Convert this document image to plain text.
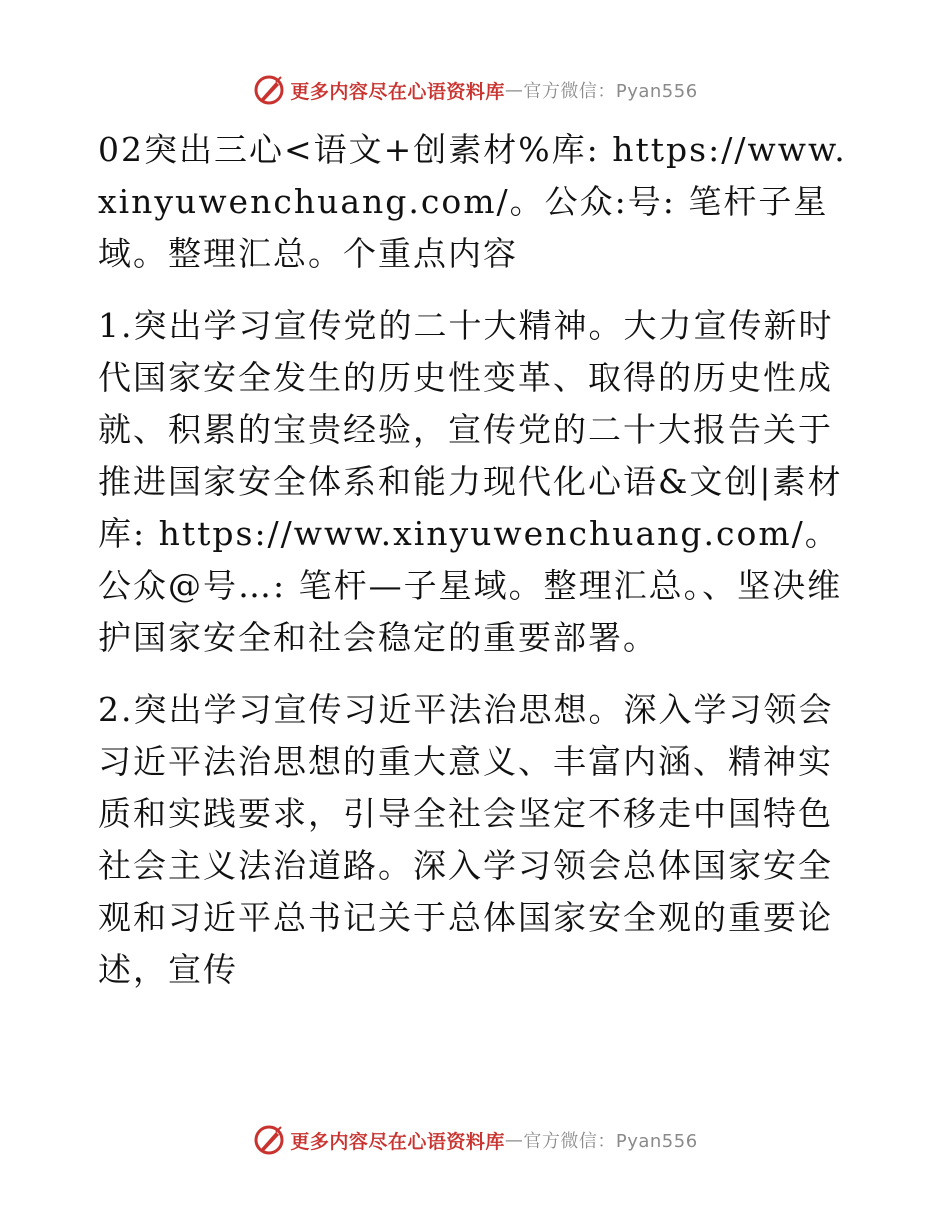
更多内容尽在心语资料库 — 官方微信：Pyan556

02突出三心<语文+创素材%库: https://www.xinyuwenchuang.com/。公众:号: 笔杆子星域。整理汇总。个重点内容

1.突出学习宣传党的二十大精神。大力宣传新时代国家安全发生的历史性变革、取得的历史性成就、积累的宝贵经验，宣传党的二十大报告关于推进国家安全体系和能力现代化心语&文创|素材库: https://www.xinyuwenchuang.com/。公众@号…: 笔杆—子星域。整理汇总。、坚决维护国家安全和社会稳定的重要部署。

2.突出学习宣传习近平法治思想。深入学习领会习近平法治思想的重大意义、丰富内涵、精神实质和实践要求，引导全社会坚定不移走中国特色社会主义法治道路。深入学习领会总体国家安全观和习近平总书记关于总体国家安全观的重要论述，宣传

更多内容尽在心语资料库 — 官方微信：Pyan556
